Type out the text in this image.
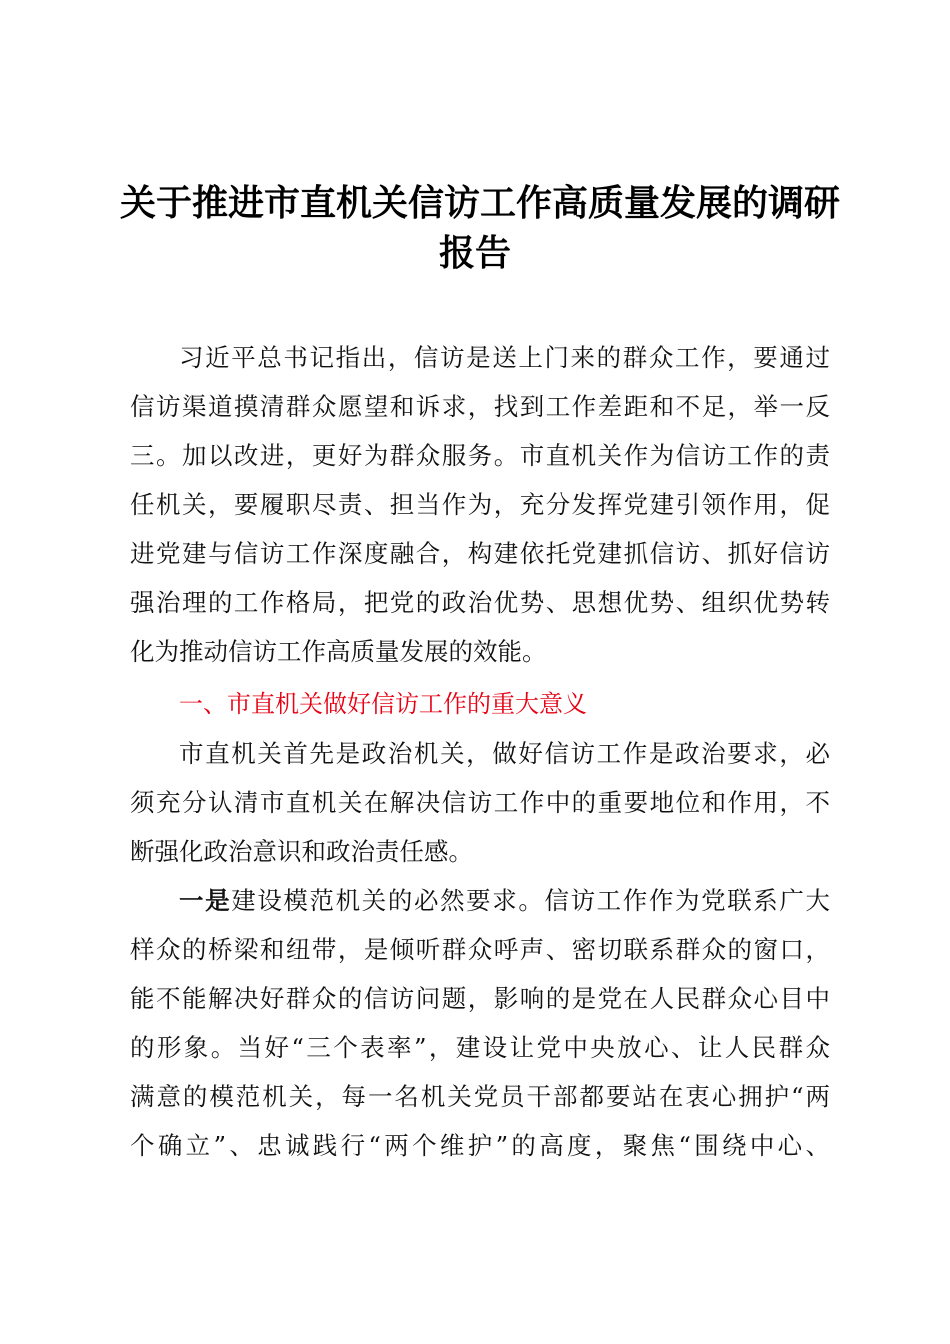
关于推进市直机关信访工作高质量发展的调研
报告
习近平总书记指出，信访是送上门来的群众工作，要通过
信访渠道摸清群众愿望和诉求，找到工作差距和不足，举一反
三。加以改进，更好为群众服务。市直机关作为信访工作的责
任机关，要履职尽责、担当作为，充分发挥党建引领作用，促
进党建与信访工作深度融合，构建依托党建抓信访、抓好信访
强治理的工作格局，把党的政治优势、思想优势、组织优势转
化为推动信访工作高质量发展的效能。
一、市直机关做好信访工作的重大意义
市直机关首先是政治机关，做好信访工作是政治要求，必
须充分认清市直机关在解决信访工作中的重要地位和作用，不
断强化政治意识和政治责任感。
一是建设模范机关的必然要求。信访工作作为党联系广大
样众的桥梁和纽带，是倾听群众呼声、密切联系群众的窗口，
能不能解决好群众的信访问题，影响的是党在人民群众心目中
的形象。当好“三个表率”，建设让党中央放心、让人民群众
满意的模范机关，每一名机关党员干部都要站在衷心拥护“两
个确立”、忠诚践行“两个维护”的高度，聚焦“围绕中心、
